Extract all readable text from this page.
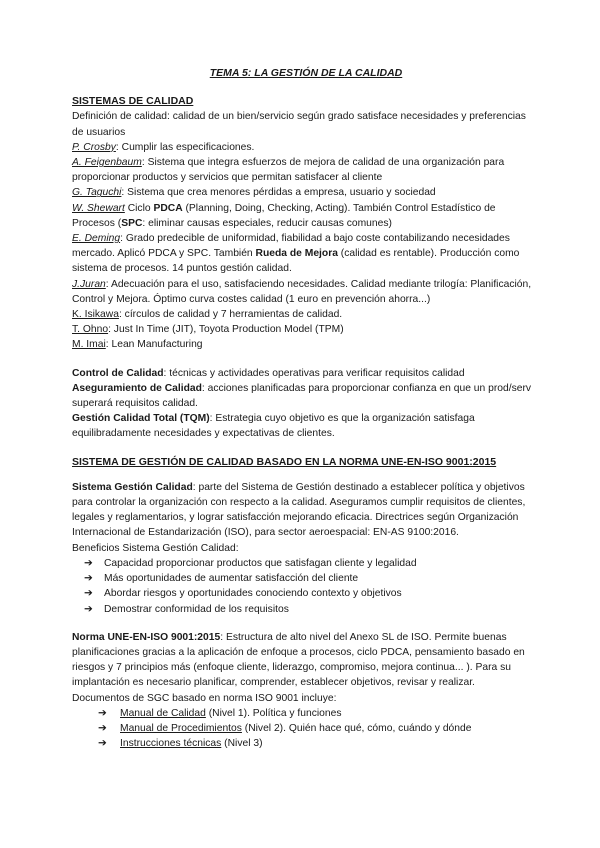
TEMA 5: LA GESTIÓN DE LA CALIDAD
SISTEMAS DE CALIDAD

Definición de calidad: calidad de un bien/servicio según grado satisface necesidades y preferencias de usuarios

P. Crosby: Cumplir las especificaciones.

A. Feigenbaum: Sistema que integra esfuerzos de mejora de calidad de una organización para proporcionar productos y servicios que permitan satisfacer al cliente

G. Taguchi: Sistema que crea menores pérdidas a empresa, usuario y sociedad

W. Shewart Ciclo PDCA (Planning, Doing, Checking, Acting). También Control Estadístico de Procesos (SPC: eliminar causas especiales, reducir causas comunes)

E. Deming: Grado predecible de uniformidad, fiabilidad a bajo coste contabilizando necesidades mercado. Aplicó PDCA y SPC. También Rueda de Mejora (calidad es rentable). Producción como sistema de procesos. 14 puntos gestión calidad.

J.Juran: Adecuación para el uso, satisfaciendo necesidades. Calidad mediante trilogía: Planificación, Control y Mejora. Óptimo curva costes calidad (1 euro en prevención ahorra...)

K. Isikawa: círculos de calidad y 7 herramientas de calidad.

T. Ohno: Just In Time (JIT), Toyota Production Model (TPM)

M. Imai: Lean Manufacturing

Control de Calidad: técnicas y actividades operativas para verificar requisitos calidad

Aseguramiento de Calidad: acciones planificadas para proporcionar confianza en que un prod/serv superará requisitos calidad.

Gestión Calidad Total (TQM): Estrategia cuyo objetivo es que la organización satisfaga equilibradamente necesidades y expectativas de clientes.

SISTEMA DE GESTIÓN DE CALIDAD BASADO EN LA NORMA UNE-EN-ISO 9001:2015

Sistema Gestión Calidad: parte del Sistema de Gestión destinado a establecer política y objetivos para controlar la organización con respecto a la calidad. Aseguramos cumplir requisitos de clientes, legales y reglamentarios, y lograr satisfacción mejorando eficacia. Directrices según Organización Internacional de Estandarización (ISO), para sector aeroespacial: EN-AS 9100:2016.

Beneficios Sistema Gestión Calidad:

➔ Capacidad proporcionar productos que satisfagan cliente y legalidad
➔ Más oportunidades de aumentar satisfacción del cliente
➔ Abordar riesgos y oportunidades conociendo contexto y objetivos
➔ Demostrar conformidad de los requisitos

Norma UNE-EN-ISO 9001:2015: Estructura de alto nivel del Anexo SL de ISO. Permite buenas planificaciones gracias a la aplicación de enfoque a procesos, ciclo PDCA, pensamiento basado en riesgos y 7 principios más (enfoque cliente, liderazgo, compromiso, mejora continua... ). Para su implantación es necesario planificar, comprender, establecer objetivos, revisar y realizar.

Documentos de SGC basado en norma ISO 9001 incluye:

➔ Manual de Calidad (Nivel 1). Política y funciones
➔ Manual de Procedimientos (Nivel 2). Quién hace qué, cómo, cuándo y dónde
➔ Instrucciones técnicas (Nivel 3)
